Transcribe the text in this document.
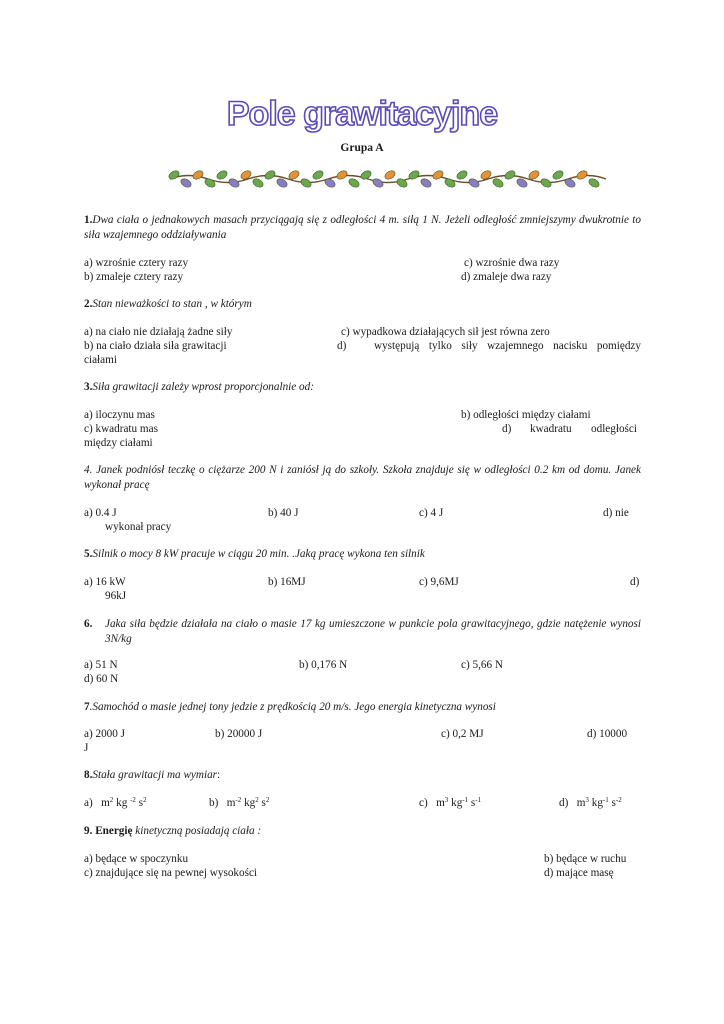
Pole grawitacyjne
Grupa A
1.Dwa ciała o jednakowych masach przyciągają się z odległości 4 m. siłą 1 N. Jeżeli odległość zmniejszymy dwukrotnie to siła wzajemnego oddziaływania
a) wzrośnie cztery razy
b) zmaleje cztery razy
c) wzrośnie dwa razy
d) zmaleje dwa razy
2.Stan nieważkości to stan , w którym
a) na ciało nie działają żadne siły
b) na ciało działa siła grawitacji
c) wypadkowa działających sił jest równa zero
d) występują tylko siły wzajemnego nacisku pomiędzy
ciałami
3.Siła grawitacji zależy wprost proporcjonalnie od:
a) iloczynu mas	b) odległości między ciałami
c) kwadratu mas	d) kwadratu odległości
między ciałami
4. Janek podniósł teczkę o ciężarze 200 N i zaniósł ją do szkoły. Szkoła znajduje się w odległości 0.2 km od domu. Janek wykonał pracę
a) 0.4 J
wykonał pracy
b) 40 J	c) 4 J	d) nie
5.Silnik o mocy 8 kW pracuje w ciągu 20 min. .Jaką pracę wykona ten silnik
a) 16 kW
96kJ
b) 16MJ	c) 9,6MJ	d)
6. Jaka siła będzie działała na ciało o masie 17 kg umieszczone w punkcie pola grawitacyjnego, gdzie natężenie wynosi 3N/kg
a) 51 N
d) 60 N
b) 0,176 N	c) 5,66 N
7.Samochód o masie jednej tony jedzie z prędkością 20 m/s. Jego energia kinetyczna wynosi
a) 2000 J
J
b) 20000 J	c) 0,2 MJ	d) 10000
8.Stała grawitacji ma wymiar:
a) $m^2$ kg $^{-2}$ $s^2$	b) $m^{-2}$ $kg^2$ $s^2$	c) $m^3$ $kg^{-1}$ $s^{-1}$	d) $m^3$ $kg^{-1}$ $s^{-2}$
9. Energię kinetyczną posiadają ciała :
a) będące w spoczynku
c) znajdujące się na pewnej wysokości
b) będące w ruchu
d) mające masę
